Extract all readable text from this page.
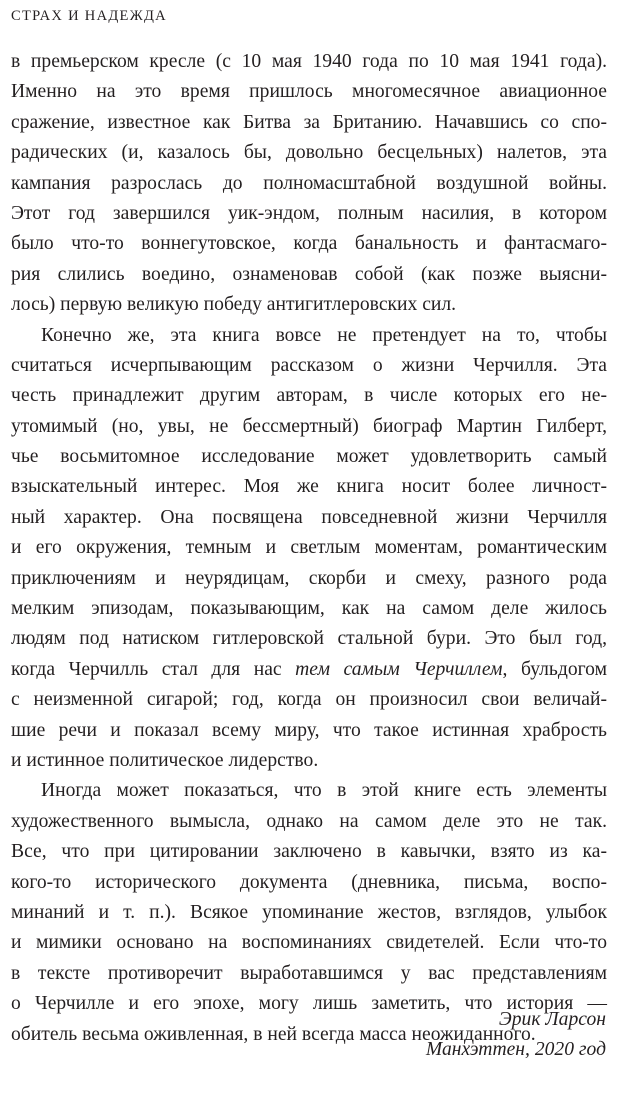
СТРАХ И НАДЕЖДА
в премьерском кресле (с 10 мая 1940 года по 10 мая 1941 года).
Именно на это время пришлось многомесячное авиационное
сражение, известное как Битва за Британию. Начавшись со спо-
радических (и, казалось бы, довольно бесцельных) налетов, эта
кампания разрослась до полномасштабной воздушной войны.
Этот год завершился уик-эндом, полным насилия, в котором
было что-то воннегутовское, когда банальность и фантасмаго-
рия слились воедино, ознаменовав собой (как позже выясни-
лось) первую великую победу антигитлеровских сил.
Конечно же, эта книга вовсе не претендует на то, чтобы
считаться исчерпывающим рассказом о жизни Черчилля. Эта
честь принадлежит другим авторам, в числе которых его не-
утомимый (но, увы, не бессмертный) биограф Мартин Гилберт,
чье восьмитомное исследование может удовлетворить самый
взыскательный интерес. Моя же книга носит более личност-
ный характер. Она посвящена повседневной жизни Черчилля
и его окружения, темным и светлым моментам, романтическим
приключениям и неурядицам, скорби и смеху, разного рода
мелким эпизодам, показывающим, как на самом деле жилось
людям под натиском гитлеровской стальной бури. Это был год,
когда Черчилль стал для нас тем самым Черчиллем, бульдогом
с неизменной сигарой; год, когда он произносил свои величай-
шие речи и показал всему миру, что такое истинная храбрость
и истинное политическое лидерство.
Иногда может показаться, что в этой книге есть элементы
художественного вымысла, однако на самом деле это не так.
Все, что при цитировании заключено в кавычки, взято из ка-
кого-то исторического документа (дневника, письма, воспо-
минаний и т. п.). Всякое упоминание жестов, взглядов, улыбок
и мимики основано на воспоминаниях свидетелей. Если что-то
в тексте противоречит выработавшимся у вас представлениям
о Черчилле и его эпохе, могу лишь заметить, что история —
обитель весьма оживленная, в ней всегда масса неожиданного.
Эрик Ларсон
Манхэттен, 2020 год
